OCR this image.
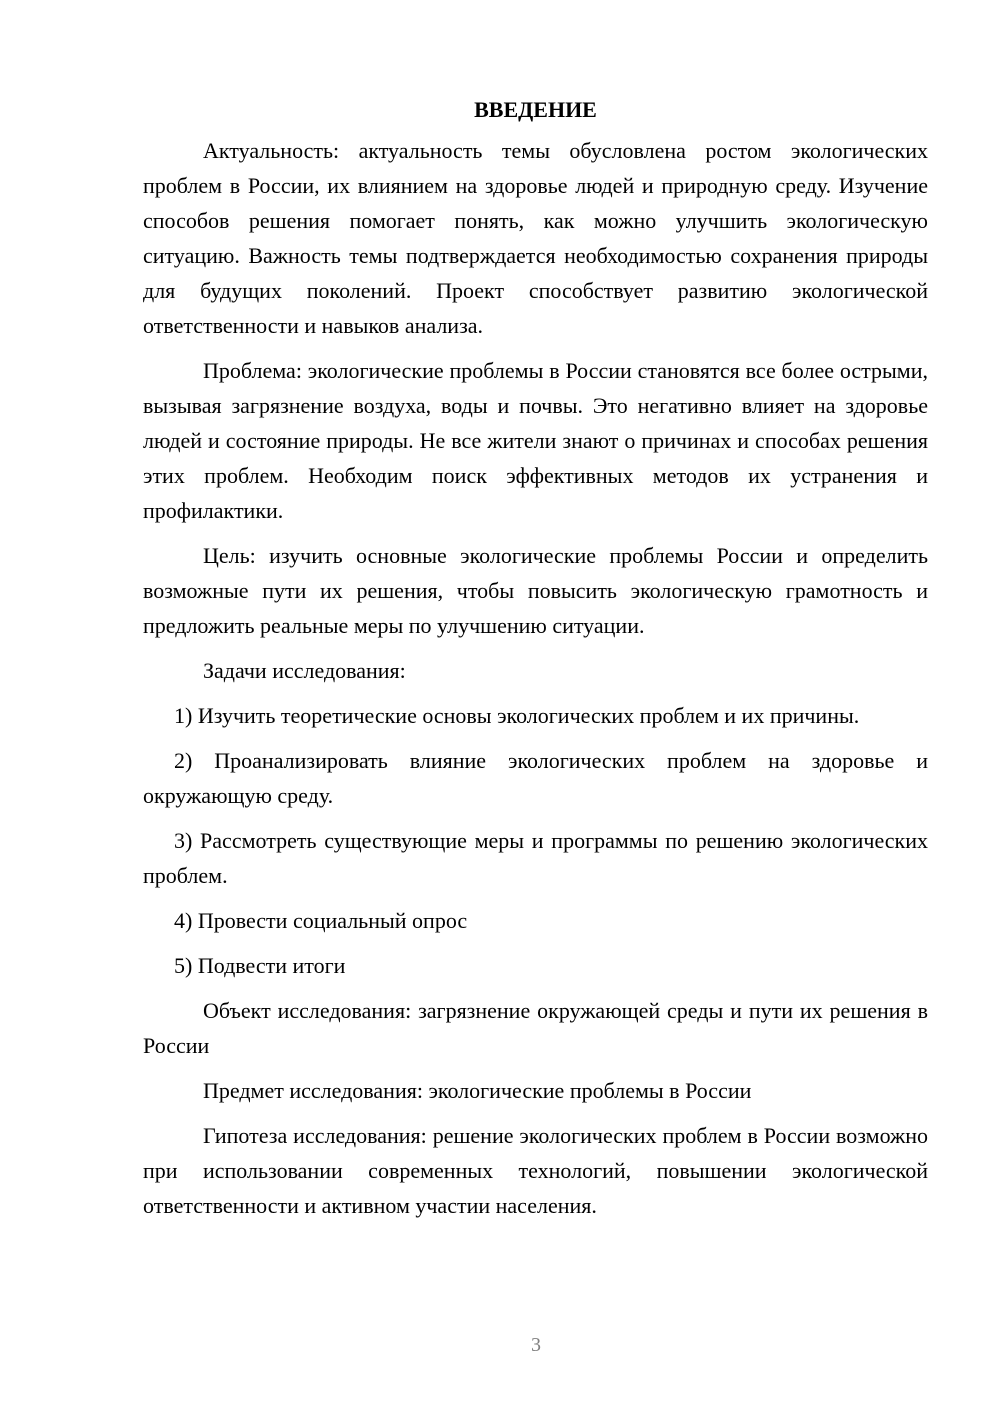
ВВЕДЕНИЕ

Актуальность: актуальность темы обусловлена ростом экологических проблем в России, их влиянием на здоровье людей и природную среду. Изучение способов решения помогает понять, как можно улучшить экологическую ситуацию. Важность темы подтверждается необходимостью сохранения природы для будущих поколений. Проект способствует развитию экологической ответственности и навыков анализа.

Проблема: экологические проблемы в России становятся все более острыми, вызывая загрязнение воздуха, воды и почвы. Это негативно влияет на здоровье людей и состояние природы. Не все жители знают о причинах и способах решения этих проблем. Необходим поиск эффективных методов их устранения и профилактики.

Цель: изучить основные экологические проблемы России и определить возможные пути их решения, чтобы повысить экологическую грамотность и предложить реальные меры по улучшению ситуации.

Задачи исследования:

1) Изучить теоретические основы экологических проблем и их причины.

2) Проанализировать влияние экологических проблем на здоровье и окружающую среду.

3) Рассмотреть существующие меры и программы по решению экологических проблем.

4) Провести социальный опрос

5) Подвести итоги

Объект исследования: загрязнение окружающей среды и пути их решения в России

Предмет исследования: экологические проблемы в России

Гипотеза исследования: решение экологических проблем в России возможно при использовании современных технологий, повышении экологической ответственности и активном участии населения.

3
